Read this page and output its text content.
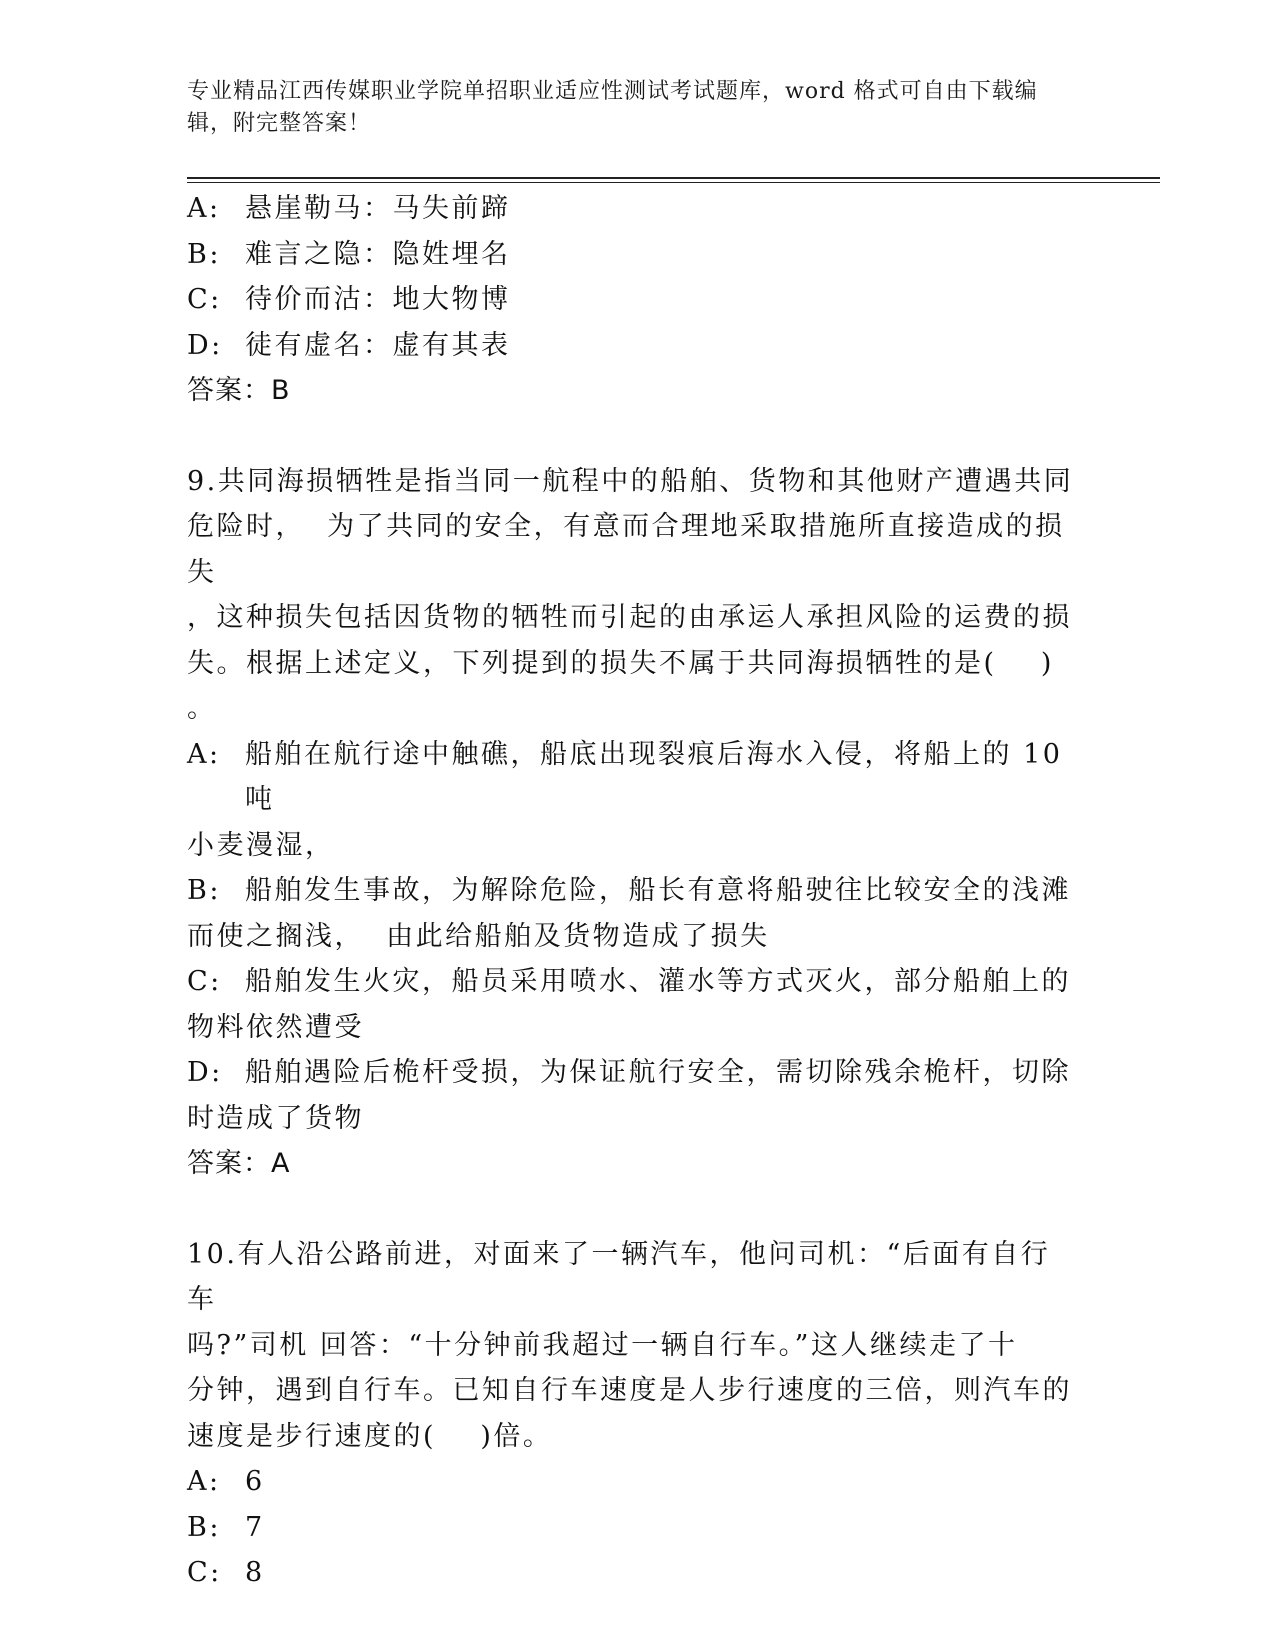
专业精品江西传媒职业学院单招职业适应性测试考试题库，word 格式可自由下载编辑，附完整答案！
A: 悬崖勒马：马失前蹄
B: 难言之隐：隐姓埋名
C: 待价而沽：地大物博
D: 徒有虚名：虚有其表
答案：B
9.共同海损牺牲是指当同一航程中的船舶、货物和其他财产遭遇共同
危险时，  为了共同的安全，有意而合理地采取措施所直接造成的损失
，这种损失包括因货物的牺牲而引起的由承运人承担风险的运费的损
失。根据上述定义，下列提到的损失不属于共同海损牺牲的是(    )
。
A: 船舶在航行途中触礁，船底出现裂痕后海水入侵，将船上的 10 吨
小麦漫湿，
B: 船舶发生事故，为解除危险，船长有意将船驶往比较安全的浅滩
而使之搁浅，  由此给船舶及货物造成了损失
C: 船舶发生火灾，船员采用喷水、灌水等方式灭火，部分船舶上的
物料依然遭受
D: 船舶遇险后桅杆受损，为保证航行安全，需切除残余桅杆，切除
时造成了货物
答案：A
10.有人沿公路前进，对面来了一辆汽车，他问司机：“后面有自行车
吗?”司机 回答：“十分钟前我超过一辆自行车。”这人继续走了十
分钟，遇到自行车。已知自行车速度是人步行速度的三倍，则汽车的
速度是步行速度的(    )倍。
A: 6
B: 7
C: 8
